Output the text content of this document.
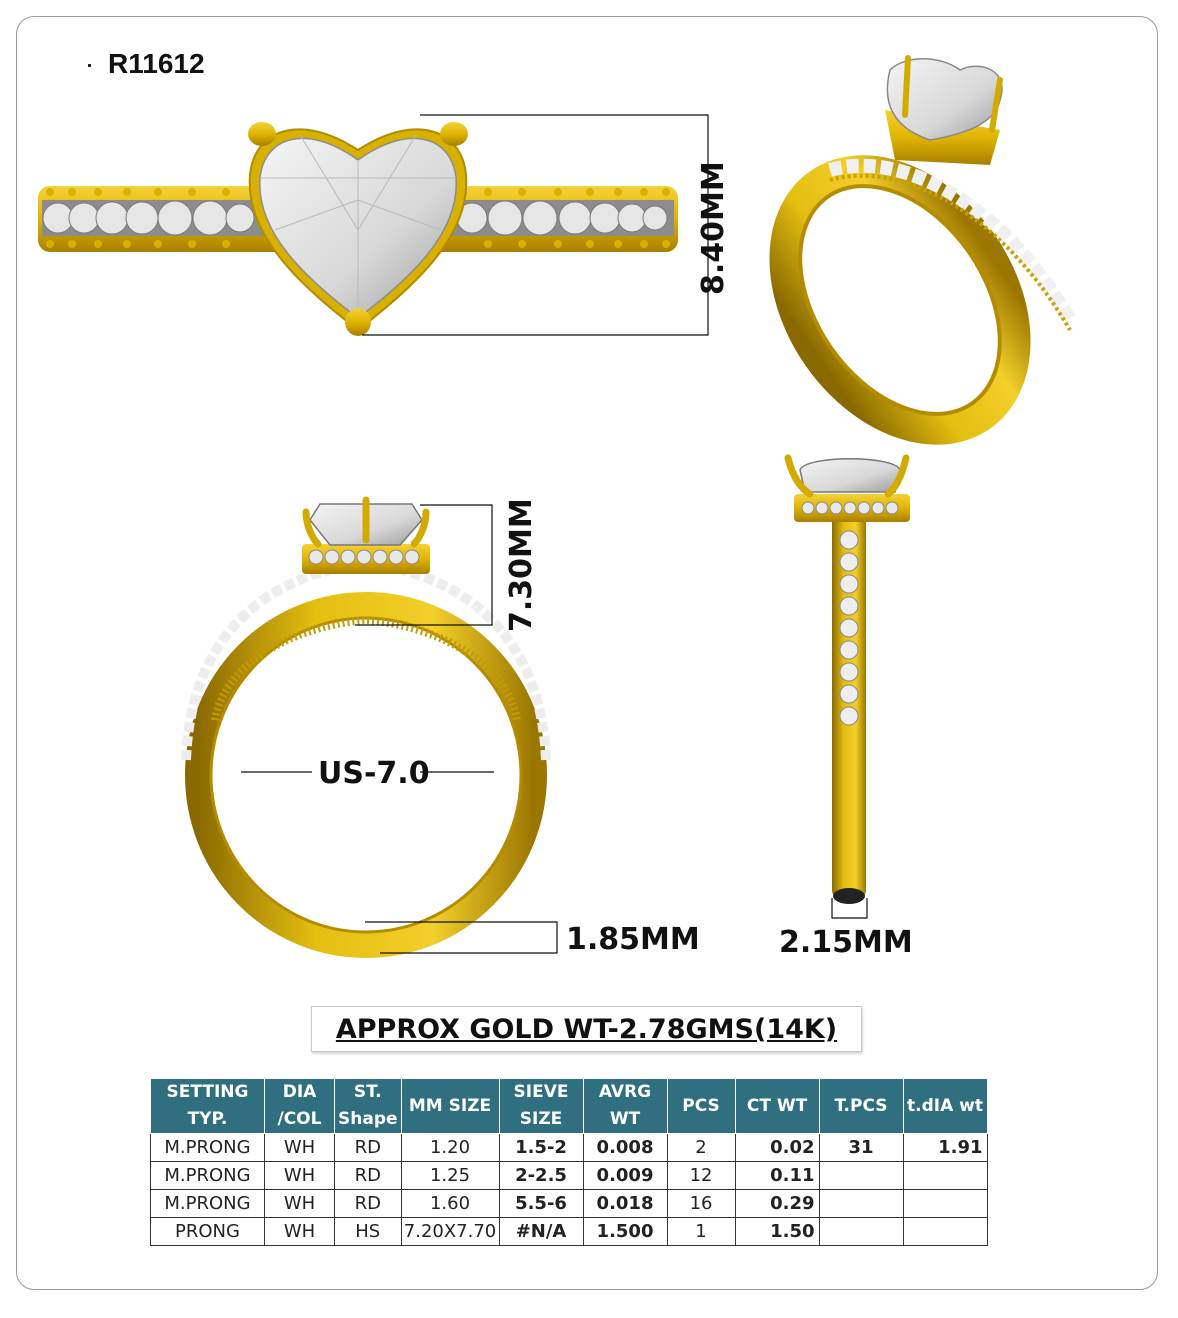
R11612
8.40MM
7.30MM
US-7.0
1.85MM	2.15MM
APPROX GOLD WT-2.78GMS(14K)
SETTING TYP.	DIA /COL	ST. Shape	MM SIZE	SIEVE SIZE	AVRG WT	PCS	CT WT	T.PCS	t.dIA wt
M.PRONG	WH	RD	1.20	1.5-2	0.008	2	0.02	31	1.91
M.PRONG	WH	RD	1.25	2-2.5	0.009	12	0.11		
M.PRONG	WH	RD	1.60	5.5-6	0.018	16	0.29		
PRONG	WH	HS	7.20X7.70	#N/A	1.500	1	1.50		
